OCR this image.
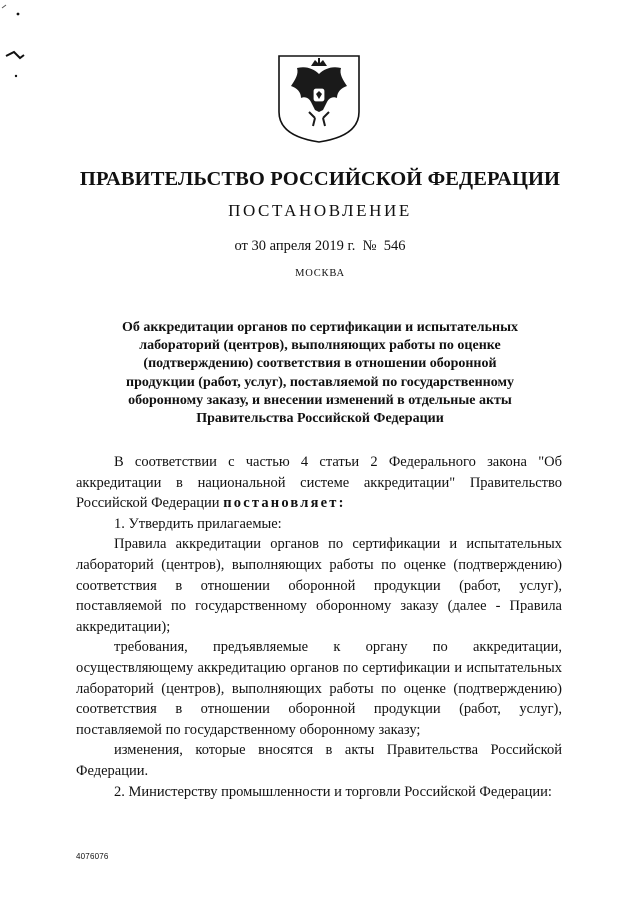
ПРАВИТЕЛЬСТВО РОССИЙСКОЙ ФЕДЕРАЦИИ
ПОСТАНОВЛЕНИЕ
от 30 апреля 2019 г. № 546
МОСКВА
Об аккредитации органов по сертификации и испытательных
лабораторий (центров), выполняющих работы по оценке
(подтверждению) соответствия в отношении оборонной
продукции (работ, услуг), поставляемой по государственному
оборонному заказу, и внесении изменений в отдельные акты
Правительства Российской Федерации

В соответствии с частью 4 статьи 2 Федерального закона "Об аккредитации в национальной системе аккредитации" Правительство Российской Федерации постановляет:

1. Утвердить прилагаемые:

Правила аккредитации органов по сертификации и испытательных лабораторий (центров), выполняющих работы по оценке (подтверждению) соответствия в отношении оборонной продукции (работ, услуг), поставляемой по государственному оборонному заказу (далее - Правила аккредитации);

требования, предъявляемые к органу по аккредитации, осуществляющему аккредитацию органов по сертификации и испытательных лабораторий (центров), выполняющих работы по оценке (подтверждению) соответствия в отношении оборонной продукции (работ, услуг), поставляемой по государственному оборонному заказу;

изменения, которые вносятся в акты Правительства Российской Федерации.

2. Министерству промышленности и торговли Российской Федерации:

4076076
